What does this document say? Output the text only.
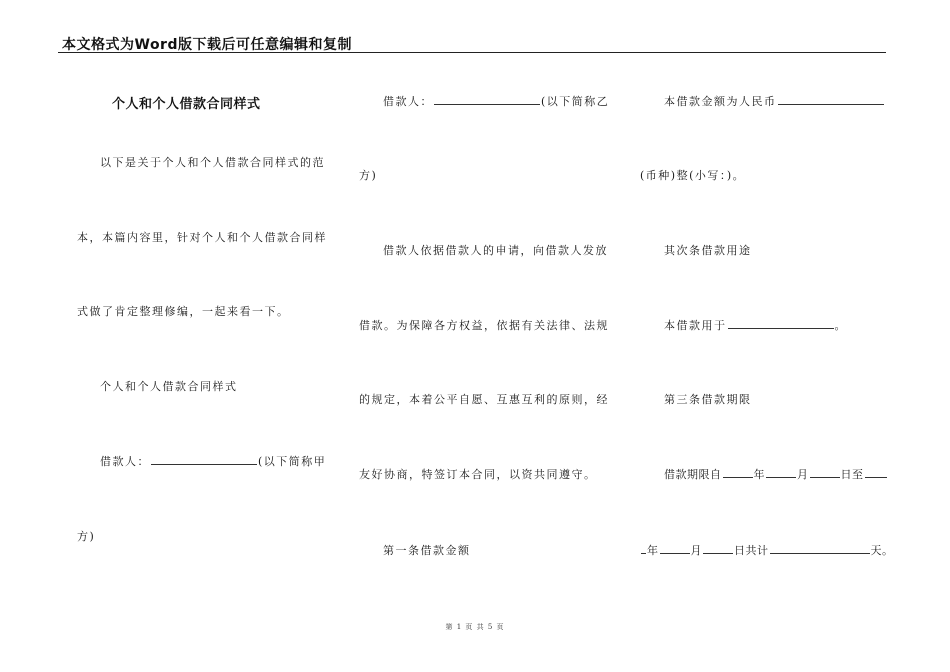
本文格式为Word版下载后可任意编辑和复制
个人和个人借款合同样式
以下是关于个人和个人借款合同样式的范
本，本篇内容里，针对个人和个人借款合同样
式做了肯定整理修编，一起来看一下。
个人和个人借款合同样式
借款人：	(以下简称甲
方)
借款人：	(以下简称乙
方)
借款人依据借款人的申请，向借款人发放
借款。为保障各方权益，依据有关法律、法规
的规定，本着公平自愿、互惠互利的原则，经
友好协商，特签订本合同，以资共同遵守。
第一条借款金额
本借款金额为人民币
(币种)整(小写：)。
其次条借款用途
本借款用于	。
第三条借款期限
借款期限自	年	月	日至
年	月	日共计	天。
第 1 页 共 5 页
